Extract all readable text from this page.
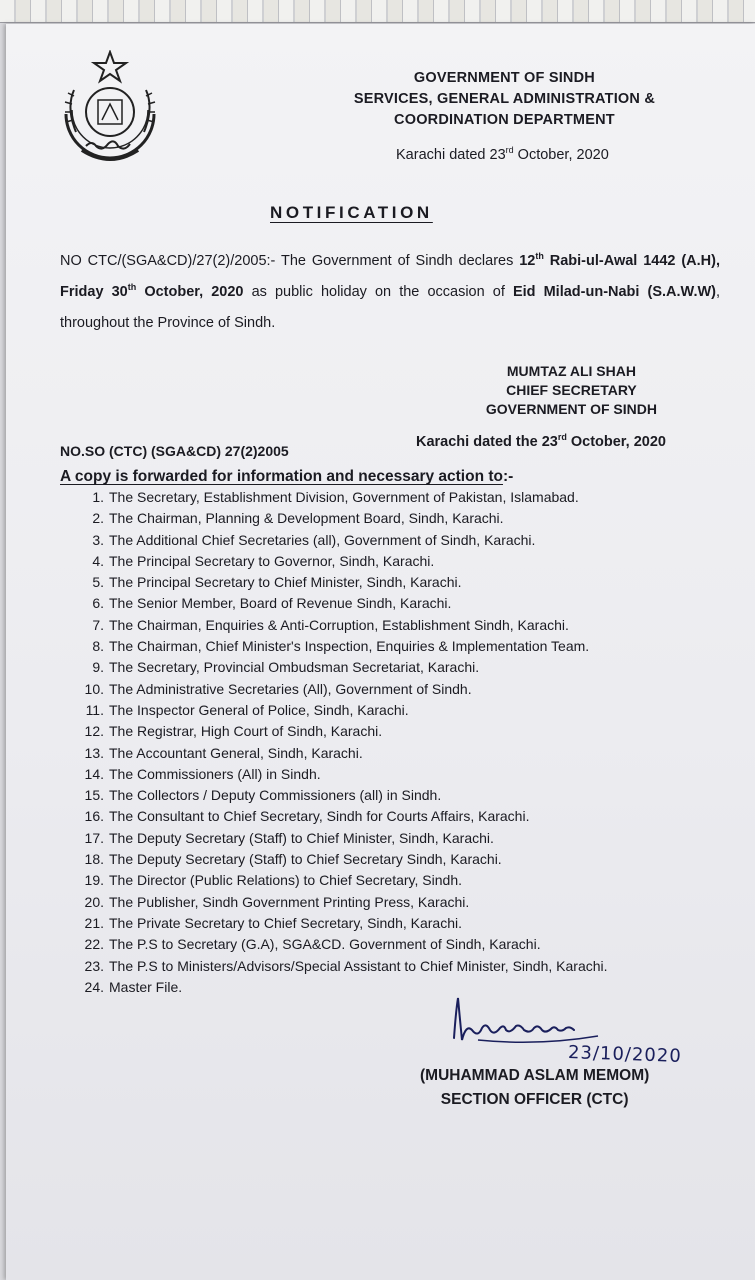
GOVERNMENT OF SINDH
SERVICES, GENERAL ADMINISTRATION &
COORDINATION DEPARTMENT
Karachi dated 23rd October, 2020
NOTIFICATION
NO CTC/(SGA&CD)/27(2)/2005:- The Government of Sindh declares 12th Rabi-ul-Awal 1442 (A.H), Friday 30th October, 2020 as public holiday on the occasion of Eid Milad-un-Nabi (S.A.W.W), throughout the Province of Sindh.
MUMTAZ ALI SHAH
CHIEF SECRETARY
GOVERNMENT OF SINDH
NO.SO (CTC) (SGA&CD) 27(2)2005
Karachi dated the 23rd October, 2020
A copy is forwarded for information and necessary action to:-
1. The Secretary, Establishment Division, Government of Pakistan, Islamabad.
2. The Chairman, Planning & Development Board, Sindh, Karachi.
3. The Additional Chief Secretaries (all), Government of Sindh, Karachi.
4. The Principal Secretary to Governor, Sindh, Karachi.
5. The Principal Secretary to Chief Minister, Sindh, Karachi.
6. The Senior Member, Board of Revenue Sindh, Karachi.
7. The Chairman, Enquiries & Anti-Corruption, Establishment Sindh, Karachi.
8. The Chairman, Chief Minister's Inspection, Enquiries & Implementation Team.
9. The Secretary, Provincial Ombudsman Secretariat, Karachi.
10. The Administrative Secretaries (All), Government of Sindh.
11. The Inspector General of Police, Sindh, Karachi.
12. The Registrar, High Court of Sindh, Karachi.
13. The Accountant General, Sindh, Karachi.
14. The Commissioners (All) in Sindh.
15. The Collectors / Deputy Commissioners (all) in Sindh.
16. The Consultant to Chief Secretary, Sindh for Courts Affairs, Karachi.
17. The Deputy Secretary (Staff) to Chief Minister, Sindh, Karachi.
18. The Deputy Secretary (Staff) to Chief Secretary Sindh, Karachi.
19. The Director (Public Relations) to Chief Secretary, Sindh.
20. The Publisher, Sindh Government Printing Press, Karachi.
21. The Private Secretary to Chief Secretary, Sindh, Karachi.
22. The P.S to Secretary (G.A), SGA&CD. Government of Sindh, Karachi.
23. The P.S to Ministers/Advisors/Special Assistant to Chief Minister, Sindh, Karachi.
24. Master File.
23/10/2020
(MUHAMMAD ASLAM MEMOM)
SECTION OFFICER (CTC)
